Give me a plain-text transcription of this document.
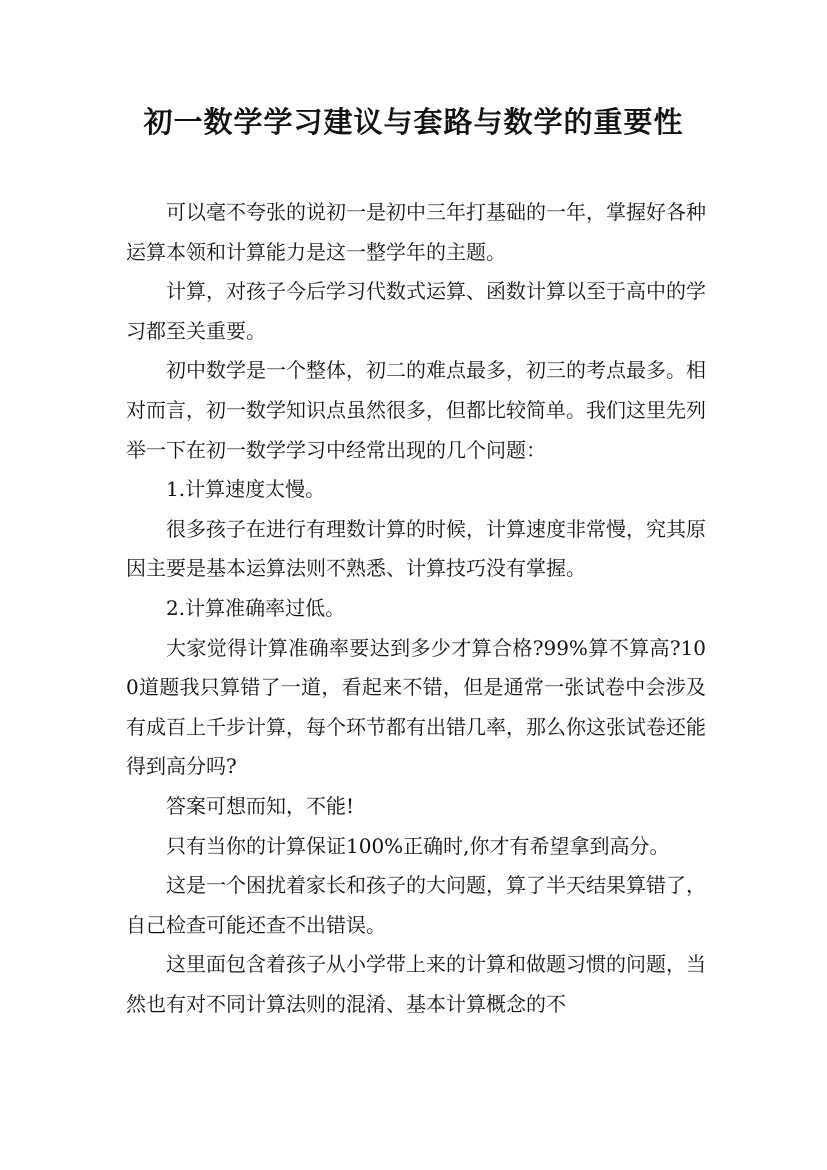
初一数学学习建议与套路与数学的重要性

可以毫不夸张的说初一是初中三年打基础的一年，掌握好各种运算本领和计算能力是这一整学年的主题。

计算，对孩子今后学习代数式运算、函数计算以至于高中的学习都至关重要。

初中数学是一个整体，初二的难点最多，初三的考点最多。相对而言，初一数学知识点虽然很多，但都比较简单。我们这里先列举一下在初一数学学习中经常出现的几个问题：

1.计算速度太慢。

很多孩子在进行有理数计算的时候，计算速度非常慢，究其原因主要是基本运算法则不熟悉、计算技巧没有掌握。

2.计算准确率过低。

大家觉得计算准确率要达到多少才算合格?99%算不算高?100道题我只算错了一道，看起来不错，但是通常一张试卷中会涉及有成百上千步计算，每个环节都有出错几率，那么你这张试卷还能得到高分吗?

答案可想而知，不能!

只有当你的计算保证100%正确时,你才有希望拿到高分。

这是一个困扰着家长和孩子的大问题，算了半天结果算错了，自己检查可能还查不出错误。

这里面包含着孩子从小学带上来的计算和做题习惯的问题，当然也有对不同计算法则的混淆、基本计算概念的不
